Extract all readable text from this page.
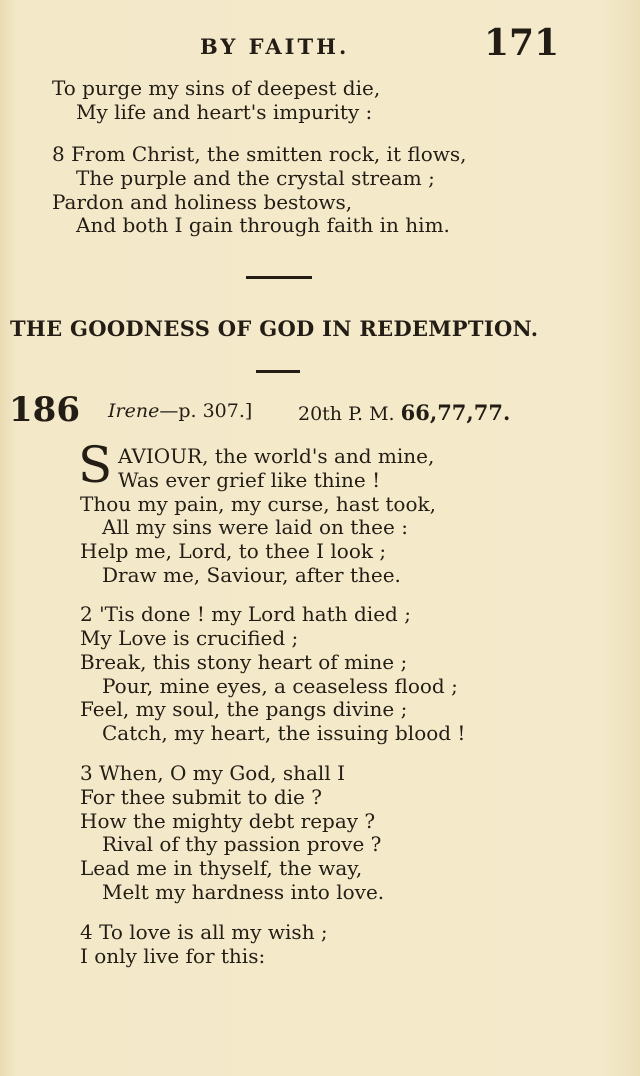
BY FAITH.	171
To purge my sins of deepest die,
My life and heart's impurity :
8 From Christ, the smitten rock, it flows,
The purple and the crystal stream ;
Pardon and holiness bestows,
And both I gain through faith in him.
THE GOODNESS OF GOD IN REDEMPTION.
186 Irene—p. 307.] 20th P. M. 66,77,77.
S AVIOUR, the world's and mine,
Was ever grief like thine !
Thou my pain, my curse, hast took,
All my sins were laid on thee :
Help me, Lord, to thee I look ;
Draw me, Saviour, after thee.
2 'Tis done ! my Lord hath died ;
My Love is crucified ;
Break, this stony heart of mine ;
Pour, mine eyes, a ceaseless flood ;
Feel, my soul, the pangs divine ;
Catch, my heart, the issuing blood !
3 When, O my God, shall I
For thee submit to die ?
How the mighty debt repay ?
Rival of thy passion prove ?
Lead me in thyself, the way,
Melt my hardness into love.
4 To love is all my wish ;
I only live for this:
